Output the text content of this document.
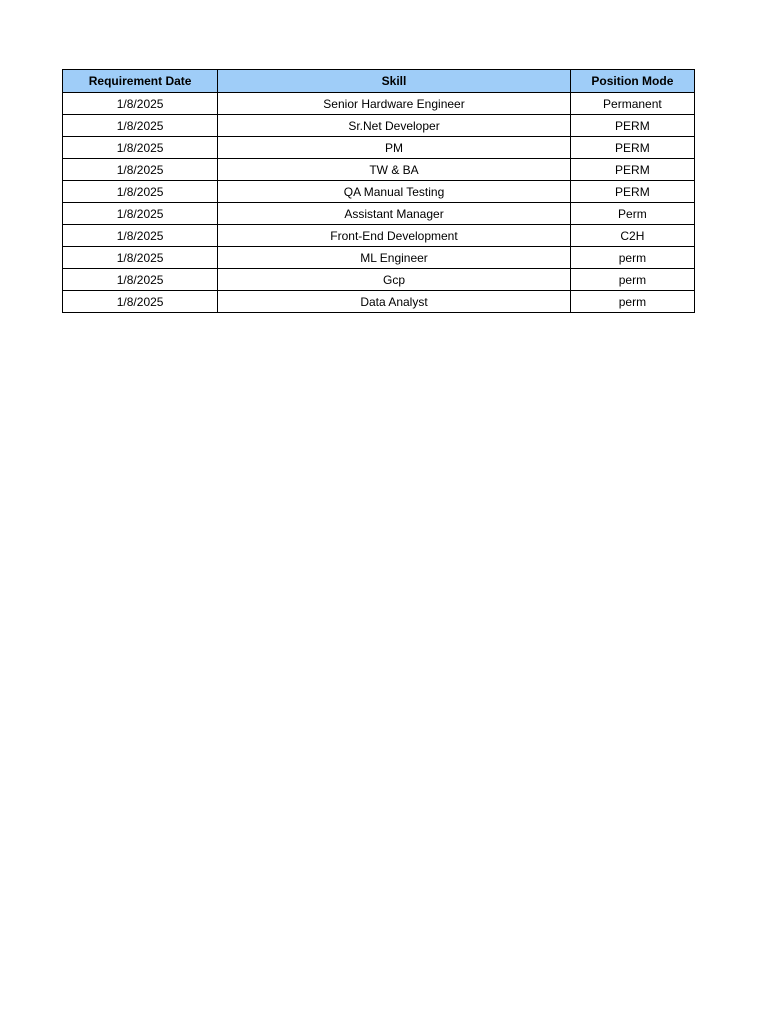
Requirement Date	Skill	Position Mode
1/8/2025	Senior Hardware Engineer	Permanent
1/8/2025	Sr.Net Developer	PERM
1/8/2025	PM	PERM
1/8/2025	TW & BA	PERM
1/8/2025	QA Manual Testing	PERM
1/8/2025	Assistant Manager	Perm
1/8/2025	Front-End Development	C2H
1/8/2025	ML Engineer	perm
1/8/2025	Gcp	perm
1/8/2025	Data Analyst	perm
